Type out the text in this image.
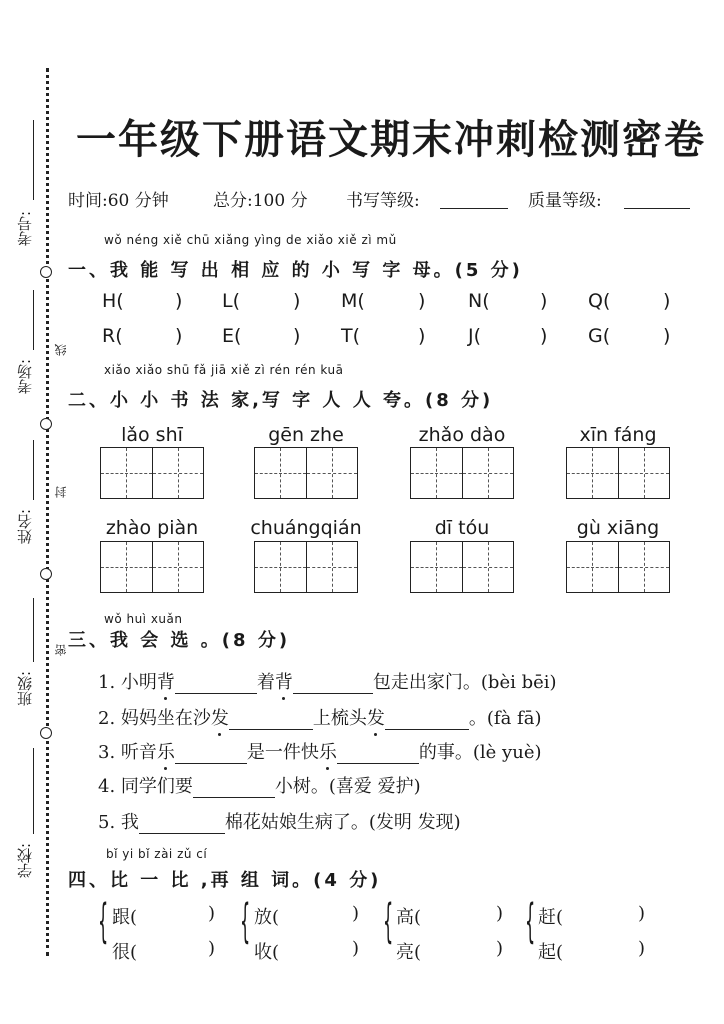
考号:
考场:
线
姓名:
封
班级:
密
学校:
一年级下册语文期末冲刺检测密卷
时间:60 分钟	总分:100 分 书写等级:	质量等级:
wǒ néng xiě chū xiǎng yìng de xiǎo xiě zì mǔ
一、我 能 写 出 相 应 的 小 写 字 母。(5 分)
H(	) L(	) M(	) N(	) Q(	)
R(	) E(	) T(	) J(	) G(	)
xiǎo xiǎo shū fǎ jiā xiě zì rén rén kuā
二、小 小 书 法 家,写 字 人 人 夸。(8 分)
lǎo shī	gēn zhe	zhǎo dào	xīn fáng
zhào piàn	chuángqián	dī tóu	gù xiāng
wǒ huì xuǎn
三、我 会 选 。(8 分)
1. 小明背	着背	包走出家门。(bèi bēi)
2. 妈妈坐在沙发	上梳头发	。(fà fā)
3. 听音乐	是一件快乐	的事。(lè yuè)
4. 同学们要	小树。(喜爱 爱护)
5. 我	棉花姑娘生病了。(发明 发现)
bǐ yi bǐ zài zǔ cí
四、比 一 比 ,再 组 词。(4 分)
{ 跟(	)
很(	)
{ 放(	)
收(	)
{ 高(	)
亮(	)
{ 赶(	)
起(	)
